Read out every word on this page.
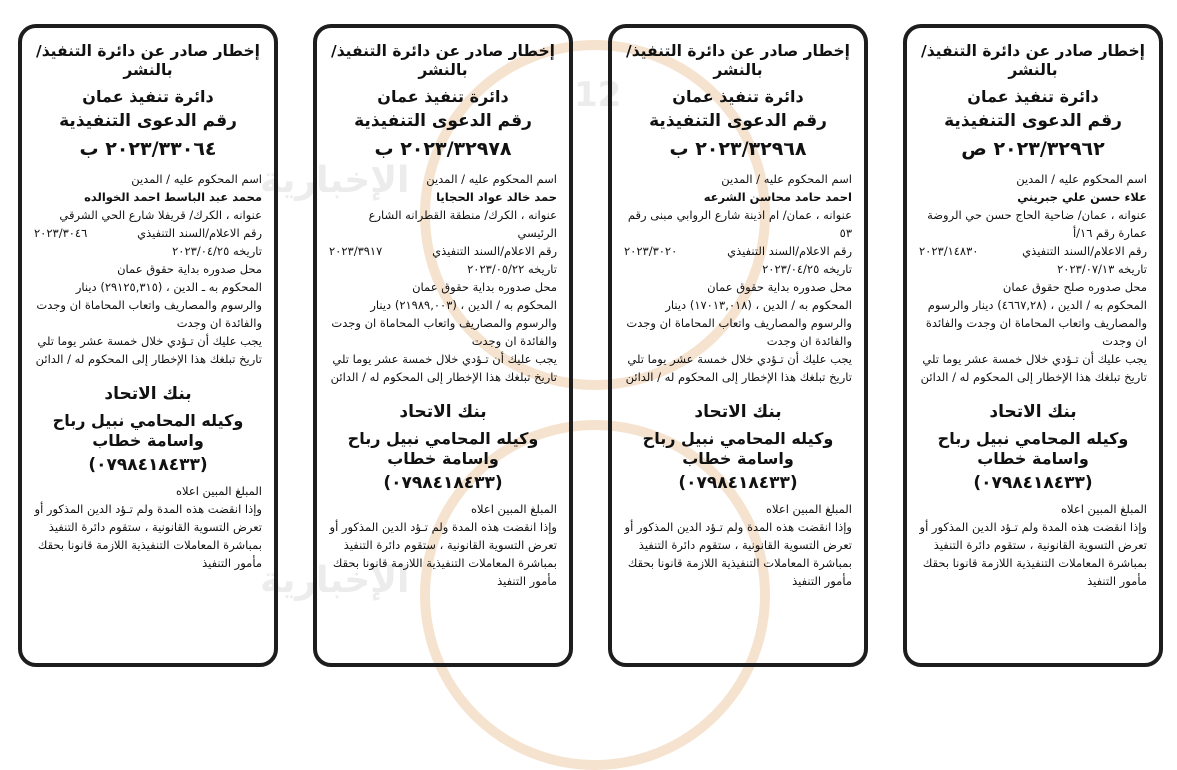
12
الإخبارية
الإخبارية
إخطار صادر عن دائرة التنفيذ/ بالنشر
دائرة تنفيذ عمان
رقم الدعوى التنفيذية
٢٠٢٣/٣٢٩٦٢ ص
اسم المحكوم عليه / المدين
علاء حسن علي جبريني
عنوانه ، عمان/ ضاحية الحاج حسن حي الروضة عمارة رقم ١٦/أ
رقم الاعلام/السند التنفيذي
٢٠٢٣/١٤٨٣٠
تاريخه ٢٠٢٣/٠٧/١٣
محل صدوره صلح حقوق عمان
المحكوم به / الدين ، (٤٦٦٧,٢٨) دينار والرسوم والمصاريف واتعاب المحاماة ان وجدت والفائدة ان وجدت
يجب عليك أن تـؤدي خلال خمسة عشر يوما تلي تاريخ تبلغك هذا الإخطار إلى المحكوم له / الدائن
بنك الاتحاد
وكيله المحامي نبيل رباح واسامة خطاب
(٠٧٩٨٤١٨٤٣٣)
المبلغ المبين اعلاه
وإذا انقضت هذه المدة ولم تـؤد الدين المذكور أو تعرض التسوية القانونية ، ستقوم دائرة التنفيذ بمباشرة المعاملات التنفيذية اللازمة قانونا بحقك
مأمور التنفيذ
إخطار صادر عن دائرة التنفيذ/ بالنشر
دائرة تنفيذ عمان
رقم الدعوى التنفيذية
٢٠٢٣/٣٢٩٦٨ ب
اسم المحكوم عليه / المدين
احمد حامد محاسن الشرعه
عنوانه ، عمان/ ام اذينة شارع الروابي مبنى رقم ٥٣
رقم الاعلام/السند التنفيذي
٢٠٢٣/٣٠٢٠
تاريخه ٢٠٢٣/٠٤/٢٥
محل صدوره بداية حقوق عمان
المحكوم به / الدين ، (١٧٠١٣,٠١٨) دينار والرسوم والمصاريف واتعاب المحاماة ان وجدت والفائدة ان وجدت
يجب عليك أن تـؤدي خلال خمسة عشر يوما تلي تاريخ تبلغك هذا الإخطار إلى المحكوم له / الدائن
بنك الاتحاد
وكيله المحامي نبيل رباح واسامة خطاب
(٠٧٩٨٤١٨٤٣٣)
المبلغ المبين اعلاه
وإذا انقضت هذه المدة ولم تـؤد الدين المذكور أو تعرض التسوية القانونية ، ستقوم دائرة التنفيذ بمباشرة المعاملات التنفيذية اللازمة قانونا بحقك
مأمور التنفيذ
إخطار صادر عن دائرة التنفيذ/ بالنشر
دائرة تنفيذ عمان
رقم الدعوى التنفيذية
٢٠٢٣/٣٢٩٧٨ ب
اسم المحكوم عليه / المدين
حمد خالد عواد الحجايا
عنوانه ، الكرك/ منطقة القطرانه الشارع الرئيسي
رقم الاعلام/السند التنفيذي
٢٠٢٣/٣٩١٧
تاريخه ٢٠٢٣/٠٥/٢٢
محل صدوره بداية حقوق عمان
المحكوم به / الدين ، (٢١٩٨٩,٠٠٣) دينار والرسوم والمصاريف واتعاب المحاماة ان وجدت والفائدة ان وجدت
يجب عليك أن تـؤدي خلال خمسة عشر يوما تلي تاريخ تبلغك هذا الإخطار إلى المحكوم له / الدائن
بنك الاتحاد
وكيله المحامي نبيل رباح واسامة خطاب
(٠٧٩٨٤١٨٤٣٣)
المبلغ المبين اعلاه
وإذا انقضت هذه المدة ولم تـؤد الدين المذكور أو تعرض التسوية القانونية ، ستقوم دائرة التنفيذ بمباشرة المعاملات التنفيذية اللازمة قانونا بحقك
مأمور التنفيذ
إخطار صادر عن دائرة التنفيذ/ بالنشر
دائرة تنفيذ عمان
رقم الدعوى التنفيذية
٢٠٢٣/٣٣٠٦٤ ب
اسم المحكوم عليه / المدين
محمد عبد الباسط احمد الخوالده
عنوانه ، الكرك/ قريفلا شارع الحي الشرقي
رقم الاعلام/السند التنفيذي
٢٠٢٣/٣٠٤٦
تاريخه ٢٠٢٣/٠٤/٢٥
محل صدوره بداية حقوق عمان
المحكوم به ـ الدين ، (٢٩١٢٥,٣١٥) دينار والرسوم والمصاريف واتعاب المحاماة ان وجدت والفائدة ان وجدت
يجب عليك أن تـؤدي خلال خمسة عشر يوما تلي تاريخ تبلغك هذا الإخطار إلى المحكوم له / الدائن
بنك الاتحاد
وكيله المحامي نبيل رباح واسامة خطاب
(٠٧٩٨٤١٨٤٣٣)
المبلغ المبين اعلاه
وإذا انقضت هذه المدة ولم تـؤد الدين المذكور أو تعرض التسوية القانونية ، ستقوم دائرة التنفيذ بمباشرة المعاملات التنفيذية اللازمة قانونا بحقك
مأمور التنفيذ
